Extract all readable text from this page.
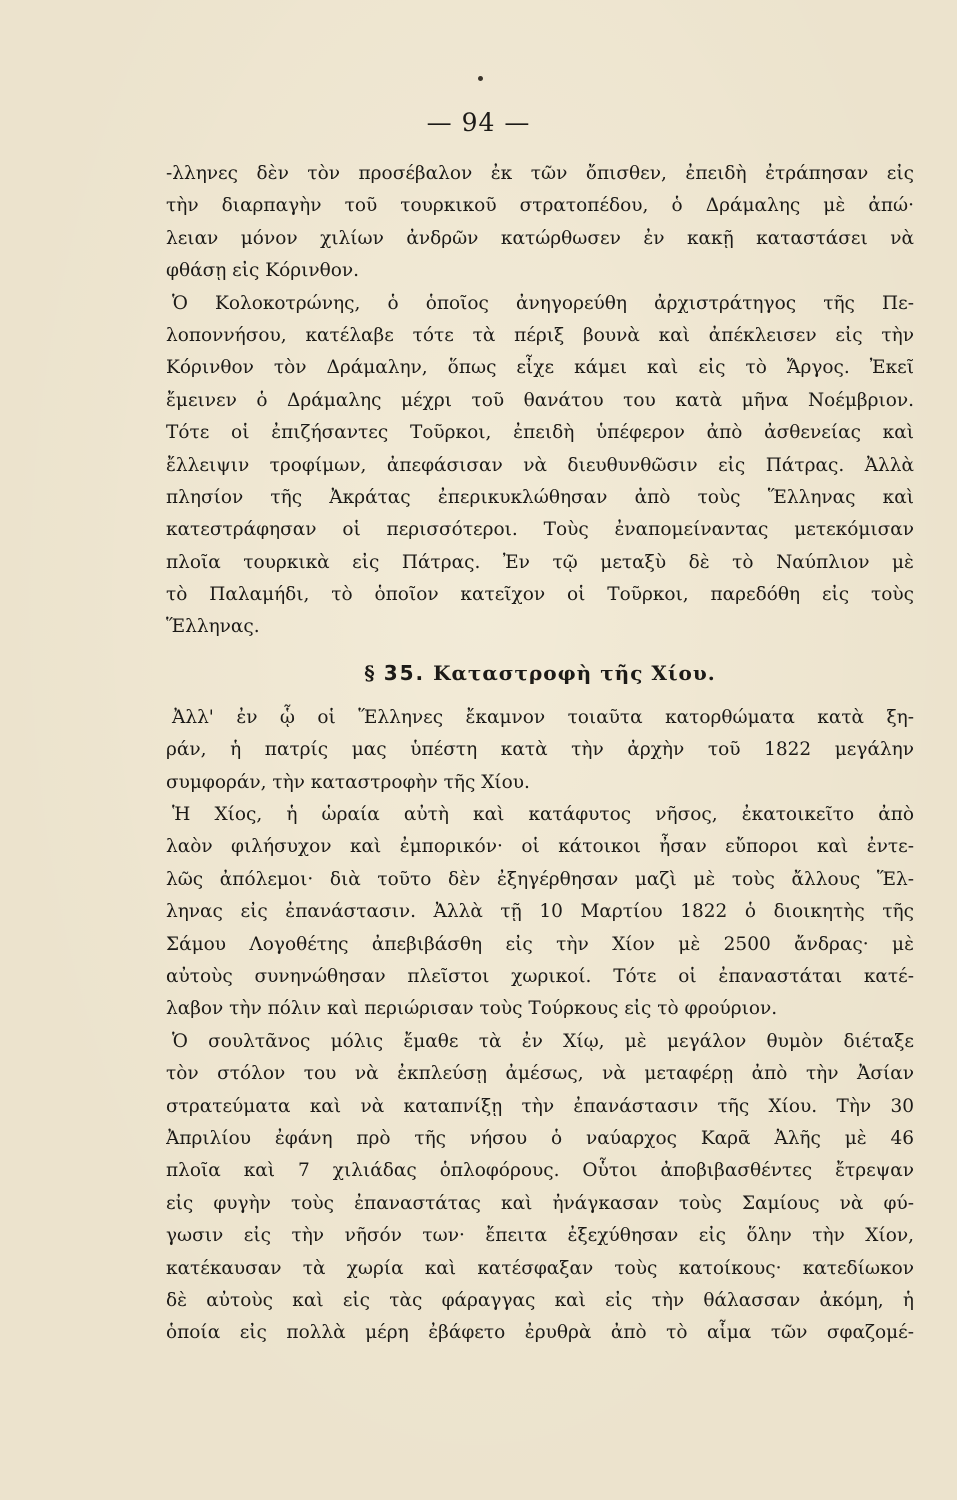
— 94 —
-λληνες δὲν τὸν προσέβαλον ἐκ τῶν ὄπισθεν, ἐπειδὴ ἐτράπησαν εἰς
τὴν διαρπαγὴν τοῦ τουρκικοῦ στρατοπέδου, ὁ Δράμαλης μὲ ἀπώ·
λειαν μόνον χιλίων ἀνδρῶν κατώρθωσεν ἐν κακῇ καταστάσει νὰ
φθάσῃ εἰς Κόρινθον.
Ὁ Κολοκοτρώνης, ὁ ὁποῖος ἀνηγορεύθη ἀρχιστράτηγος τῆς Πε-
λοποννήσου, κατέλαβε τότε τὰ πέριξ βουνὰ καὶ ἀπέκλεισεν εἰς τὴν
Κόρινθον τὸν Δράμαλην, ὅπως εἶχε κάμει καὶ εἰς τὸ Ἄργος. Ἐκεῖ
ἔμεινεν ὁ Δράμαλης μέχρι τοῦ θανάτου του κατὰ μῆνα Νοέμβριον.
Τότε οἱ ἐπιζήσαντες Τοῦρκοι, ἐπειδὴ ὑπέφερον ἀπὸ ἀσθενείας καὶ
ἔλλειψιν τροφίμων, ἀπεφάσισαν νὰ διευθυνθῶσιν εἰς Πάτρας. Ἀλλὰ
πλησίον τῆς Ἀκράτας ἐπερικυκλώθησαν ἀπὸ τοὺς Ἕλληνας καὶ
κατεστράφησαν οἱ περισσότεροι. Τοὺς ἐναπομείναντας μετεκόμισαν
πλοῖα τουρκικὰ εἰς Πάτρας. Ἐν τῷ μεταξὺ δὲ τὸ Ναύπλιον μὲ
τὸ Παλαμήδι, τὸ ὁποῖον κατεῖχον οἱ Τοῦρκοι, παρεδόθη εἰς τοὺς
Ἕλληνας.
§ 35. Καταστροφὴ τῆς Χίου.
Ἀλλ' ἐν ᾧ οἱ Ἕλληνες ἔκαμνον τοιαῦτα κατορθώματα κατὰ ξη-
ράν, ἡ πατρίς μας ὑπέστη κατὰ τὴν ἀρχὴν τοῦ 1822 μεγάλην
συμφοράν, τὴν καταστροφὴν τῆς Χίου.
Ἡ Χίος, ἡ ὡραία αὐτὴ καὶ κατάφυτος νῆσος, ἐκατοικεῖτο ἀπὸ
λαὸν φιλήσυχον καὶ ἐμπορικόν· οἱ κάτοικοι ἦσαν εὔποροι καὶ ἐντε-
λῶς ἀπόλεμοι· διὰ τοῦτο δὲν ἐξηγέρθησαν μαζὶ μὲ τοὺς ἄλλους Ἕλ-
ληνας εἰς ἐπανάστασιν. Ἀλλὰ τῇ 10 Μαρτίου 1822 ὁ διοικητὴς τῆς
Σάμου Λογοθέτης ἀπεβιβάσθη εἰς τὴν Χίον μὲ 2500 ἄνδρας· μὲ
αὐτοὺς συνηνώθησαν πλεῖστοι χωρικοί. Τότε οἱ ἐπαναστάται κατέ-
λαβον τὴν πόλιν καὶ περιώρισαν τοὺς Τούρκους εἰς τὸ φρούριον.
Ὁ σουλτᾶνος μόλις ἔμαθε τὰ ἐν Χίῳ, μὲ μεγάλον θυμὸν διέταξε
τὸν στόλον του νὰ ἐκπλεύσῃ ἀμέσως, νὰ μεταφέρῃ ἀπὸ τὴν Ἀσίαν
στρατεύματα καὶ νὰ καταπνίξῃ τὴν ἐπανάστασιν τῆς Χίου. Τὴν 30
Ἀπριλίου ἐφάνη πρὸ τῆς νήσου ὁ ναύαρχος Καρᾶ Ἀλῆς μὲ 46
πλοῖα καὶ 7 χιλιάδας ὁπλοφόρους. Οὗτοι ἀποβιβασθέντες ἔτρεψαν
εἰς φυγὴν τοὺς ἐπαναστάτας καὶ ἠνάγκασαν τοὺς Σαμίους νὰ φύ-
γωσιν εἰς τὴν νῆσόν των· ἔπειτα ἐξεχύθησαν εἰς ὅλην τὴν Χίον,
κατέκαυσαν τὰ χωρία καὶ κατέσφαξαν τοὺς κατοίκους· κατεδίωκον
δὲ αὐτοὺς καὶ εἰς τὰς φάραγγας καὶ εἰς τὴν θάλασσαν ἀκόμη, ἡ
ὁποία εἰς πολλὰ μέρη ἐβάφετο ἐρυθρὰ ἀπὸ τὸ αἷμα τῶν σφαζομέ-
